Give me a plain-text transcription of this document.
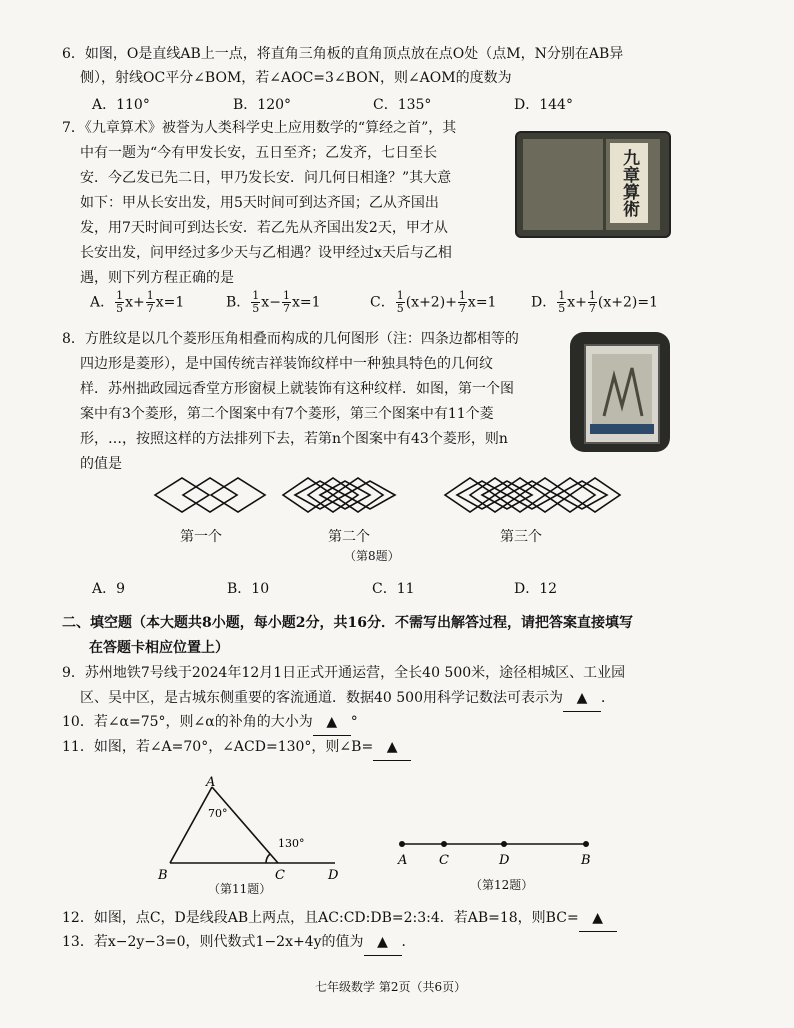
6．如图，O是直线AB上一点，将直角三角板的直角顶点放在点O处（点M，N分别在AB异
侧），射线OC平分∠BOM，若∠AOC=3∠BON，则∠AOM的度数为
A．110°	B．120°	C．135°	D．144°
7．《九章算术》被誉为人类科学史上应用数学的“算经之首”，其
中有一题为“今有甲发长安，五日至齐；乙发齐，七日至长
安．今乙发已先二日，甲乃发长安．问几何日相逢？”其大意
如下：甲从长安出发，用5天时间可到达齐国；乙从齐国出
发，用7天时间可到达长安．若乙先从齐国出发2天，甲才从
长安出发，问甲经过多少天与乙相遇？设甲经过x天后与乙相
遇，则下列方程正确的是
九章算術
A． $\frac{1}{5} x+ \frac{1}{7} x=1$	B． $\frac{1}{5} x- \frac{1}{7} x=1$	C． $\frac{1}{5} (x+2)+ \frac{1}{7} x=1$ D． $\frac{1}{5} x+ \frac{1}{7} (x+2)=1$
8．方胜纹是以几个菱形压角相叠而构成的几何图形（注：四条边都相等的
四边形是菱形），是中国传统吉祥装饰纹样中一种独具特色的几何纹
样．苏州拙政园远香堂方形窗棂上就装饰有这种纹样．如图，第一个图
案中有3个菱形，第二个图案中有7个菱形，第三个图案中有11个菱
形，…，按照这样的方法排列下去，若第n个图案中有43个菱形，则n
的值是
第一个	第二个	第三个
（第8题）
A．9	B．10	C．11	D．12
二、填空题（本大题共8小题，每小题2分，共16分．不需写出解答过程，请把答案直接填写
在答题卡相应位置上）
9．苏州地铁7号线于2024年12月1日正式开通运营，全长40 500米，途径相城区、工业园
区、吴中区，是古城东侧重要的客流通道．数据40 500用科学记数法可表示为 ▲ ．
10．若∠α=75°，则∠α的补角的大小为 ▲ °
11．如图，若∠A=70°，∠ACD=130°，则∠B= ▲
A
70°
130°
B	C	D
（第11题）
A C	D	B
（第12题）
12．如图，点C，D是线段AB上两点，且AC:CD:DB=2:3:4．若AB=18，则BC= ▲
13．若x−2y−3=0，则代数式1−2x+4y的值为 ▲ ．
七年级数学 第2页（共6页）
